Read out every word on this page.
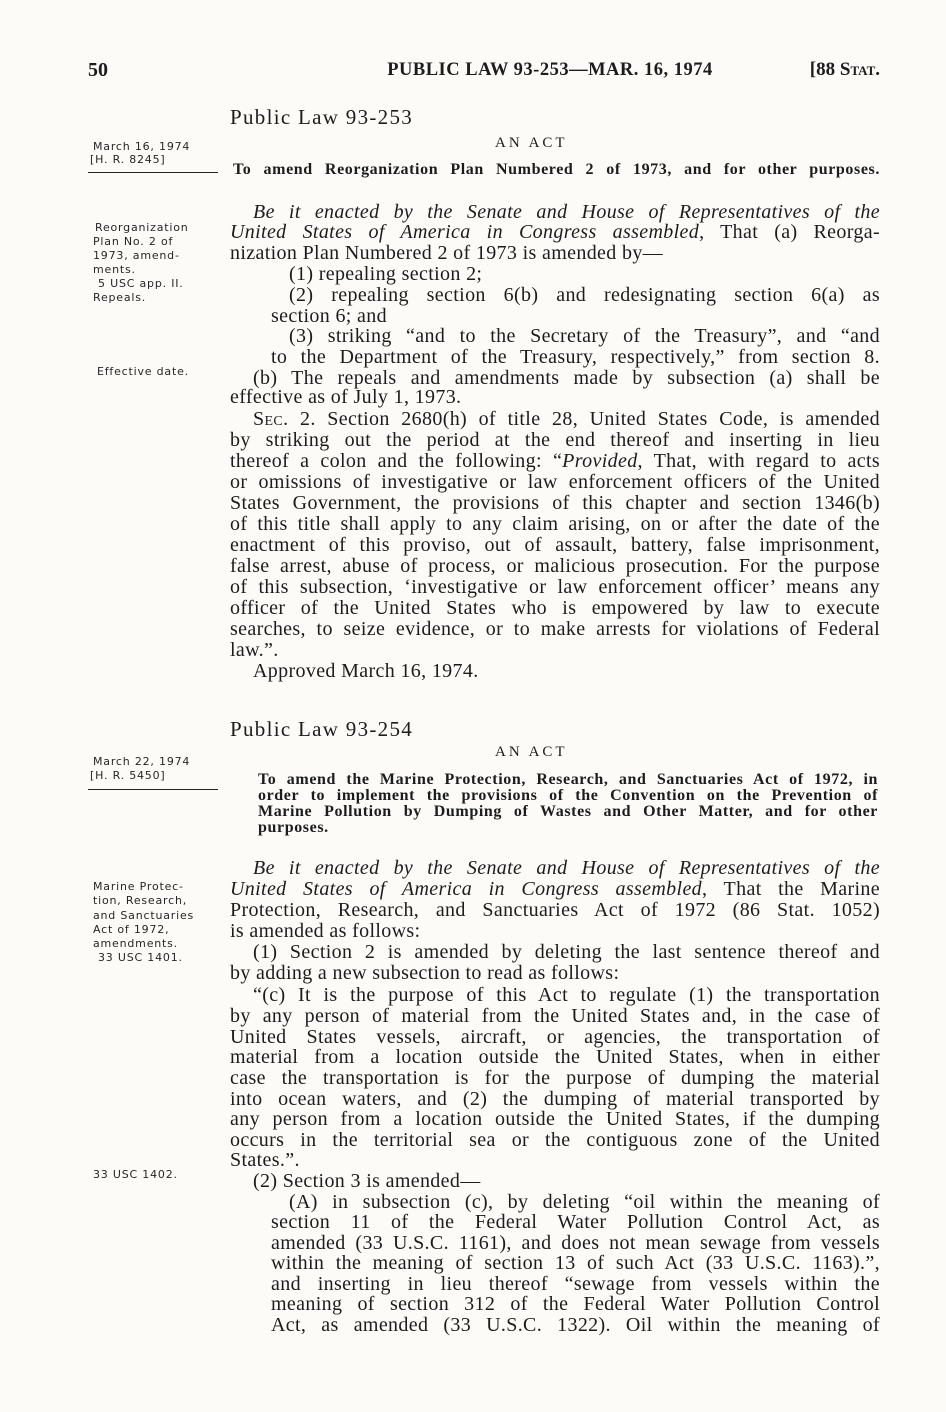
50	PUBLIC LAW 93-253—MAR. 16, 1974	[88 Stat.
Public Law 93-253
AN ACT
March 16, 1974
[H. R. 8245]
To amend Reorganization Plan Numbered 2 of 1973, and for other purposes.
Reorganization
Plan No. 2 of
1973, amend-
ments.
5 USC app. II.
Repeals.
Effective date.
Be it enacted by the Senate and House of Representatives of the
United States of America in Congress assembled, That (a) Reorga-
nization Plan Numbered 2 of 1973 is amended by—
(1) repealing section 2;
(2) repealing section 6(b) and redesignating section 6(a) as
section 6; and
(3) striking “and to the Secretary of the Treasury”, and “and
to the Department of the Treasury, respectively,” from section 8.
(b) The repeals and amendments made by subsection (a) shall be
effective as of July 1, 1973.
Sec. 2. Section 2680(h) of title 28, United States Code, is amended
by striking out the period at the end thereof and inserting in lieu
thereof a colon and the following: “Provided, That, with regard to acts
or omissions of investigative or law enforcement officers of the United
States Government, the provisions of this chapter and section 1346(b)
of this title shall apply to any claim arising, on or after the date of the
enactment of this proviso, out of assault, battery, false imprisonment,
false arrest, abuse of process, or malicious prosecution. For the purpose
of this subsection, ‘investigative or law enforcement officer’ means any
officer of the United States who is empowered by law to execute
searches, to seize evidence, or to make arrests for violations of Federal
law.”.
Approved March 16, 1974.
Public Law 93-254
AN ACT
March 22, 1974
[H. R. 5450]	To amend the Marine Protection, Research, and Sanctuaries Act of 1972, in
order to implement the provisions of the Convention on the Prevention of
Marine Pollution by Dumping of Wastes and Other Matter, and for other
purposes.
Marine Protec-
tion, Research,
and Sanctuaries
Act of 1972,
amendments.
33 USC 1401.
33 USC 1402.
Be it enacted by the Senate and House of Representatives of the
United States of America in Congress assembled, That the Marine
Protection, Research, and Sanctuaries Act of 1972 (86 Stat. 1052)
is amended as follows:
(1) Section 2 is amended by deleting the last sentence thereof and
by adding a new subsection to read as follows:
“(c) It is the purpose of this Act to regulate (1) the transportation
by any person of material from the United States and, in the case of
United States vessels, aircraft, or agencies, the transportation of
material from a location outside the United States, when in either
case the transportation is for the purpose of dumping the material
into ocean waters, and (2) the dumping of material transported by
any person from a location outside the United States, if the dumping
occurs in the territorial sea or the contiguous zone of the United
States.”.
(2) Section 3 is amended—
(A) in subsection (c), by deleting “oil within the meaning of
section 11 of the Federal Water Pollution Control Act, as
amended (33 U.S.C. 1161), and does not mean sewage from vessels
within the meaning of section 13 of such Act (33 U.S.C. 1163).”,
and inserting in lieu thereof “sewage from vessels within the
meaning of section 312 of the Federal Water Pollution Control
Act, as amended (33 U.S.C. 1322). Oil within the meaning of
